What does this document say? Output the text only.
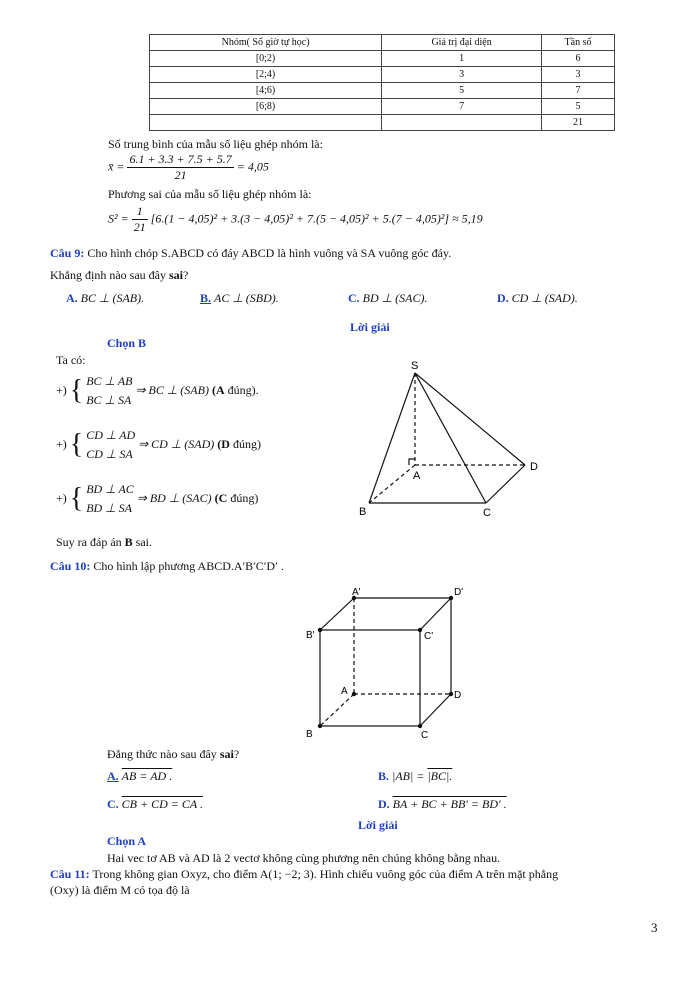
Nhóm( Số giờ tự học)	Giá trị đại diện	Tần số
[0;2)	1	6
[2;4)	3	3
[4;6)	5	7
[6;8)	7	5
		21
Số trung bình của mẫu số liệu ghép nhóm là:
x̄ = $\frac{6.1 + 3.3 + 7.5 + 5.7}{21} = 4,05$
Phương sai của mẫu số liệu ghép nhóm là:
$S^2 = \frac{1}{21} [6.(1 - 4,05)^2 + 3.(3 - 4,05)^2 + 7.(5 - 4,05)^2 + 5.(7 - 4,05)^2] \approx 5,19$
Câu 9: Cho hình chóp S.ABCD có đáy ABCD là hình vuông và SA vuông góc đáy.
Khẳng định nào sau đây sai?
A. BC ⊥ (SAB).	B. AC ⊥ (SBD).	C. BD ⊥ (SAC).	D. CD ⊥ (SAD).
Lời giải
Chọn B
Ta có:
+) { BC ⊥ AB
BC ⊥ SA
⇒ BC ⊥ (SAB) (A đúng).
+) { CD ⊥ AD
CD ⊥ SA
⇒ CD ⊥ (SAD) (D đúng)
+) { BD ⊥ AC
BD ⊥ SA
⇒ BD ⊥ (SAC) (C đúng)
Suy ra đáp án B sai.
S
A
B	C
D
Câu 10: Cho hình lập phương ABCD.A′B′C′D′ .
A'	D'
B'	C'
A	D
B	C
Đẳng thức nào sau đây sai?
A. AB = AD .	B. |AB| = |BC|.
C. CB + CD = CA .	D. BA + BC + BB′ = BD′ .
Lời giải
Chọn A
Hai vec tơ AB và AD là 2 vectơ không cùng phương nên chúng không bằng nhau.
Câu 11: Trong không gian Oxyz, cho điểm A(1; −2; 3). Hình chiếu vuông góc của điểm A trên mặt phẳng
(Oxy) là điểm M có tọa độ là
3
